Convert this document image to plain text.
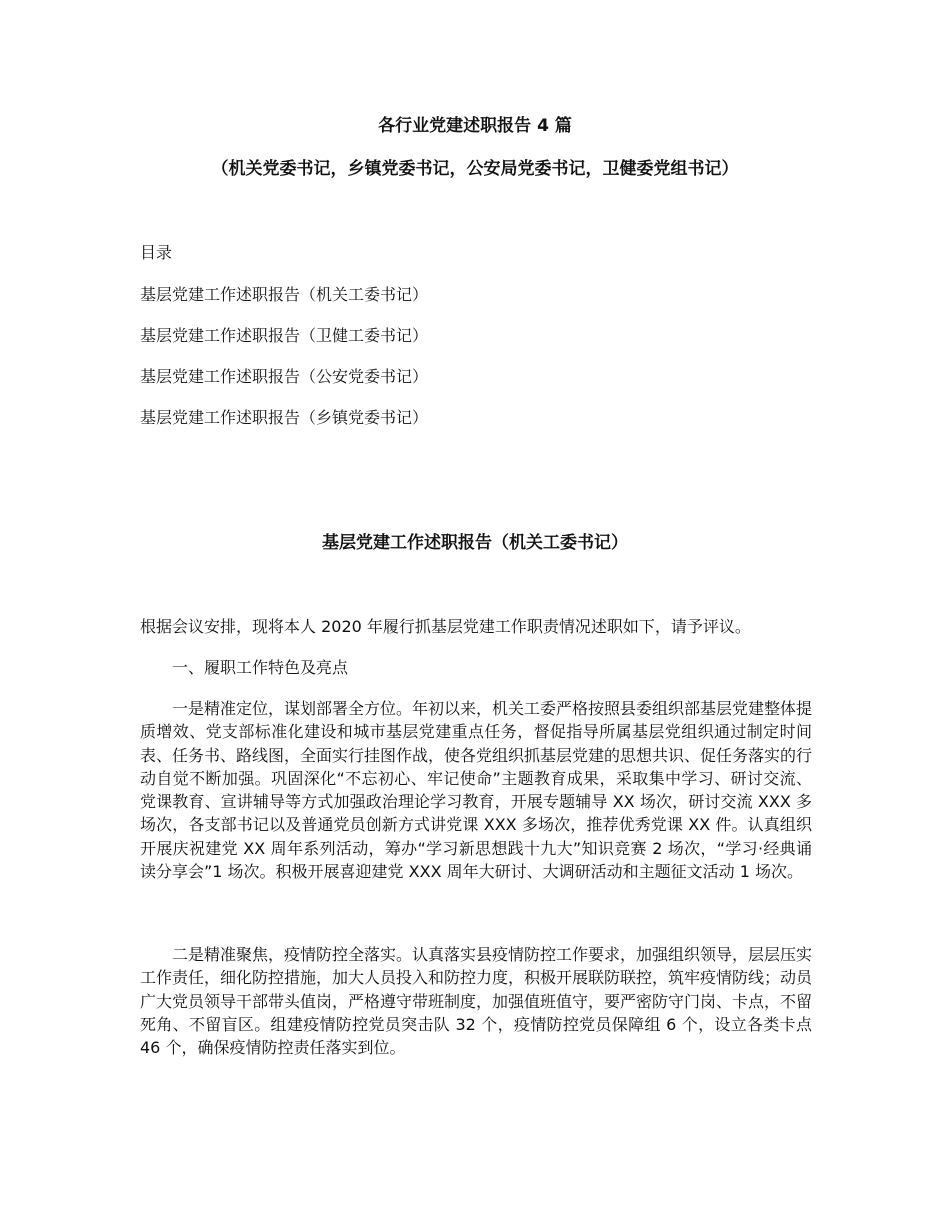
各行业党建述职报告 4 篇
（机关党委书记，乡镇党委书记，公安局党委书记，卫健委党组书记）

目录

基层党建工作述职报告（机关工委书记）

基层党建工作述职报告（卫健工委书记）

基层党建工作述职报告（公安党委书记）

基层党建工作述职报告（乡镇党委书记）

基层党建工作述职报告（机关工委书记）

根据会议安排，现将本人 2020 年履行抓基层党建工作职责情况述职如下，请予评议。

一、履职工作特色及亮点

一是精准定位，谋划部署全方位。年初以来，机关工委严格按照县委组织部基层党建整体提质增效、党支部标准化建设和城市基层党建重点任务，督促指导所属基层党组织通过制定时间表、任务书、路线图，全面实行挂图作战，使各党组织抓基层党建的思想共识、促任务落实的行动自觉不断加强。巩固深化“不忘初心、牢记使命”主题教育成果，采取集中学习、研讨交流、党课教育、宣讲辅导等方式加强政治理论学习教育，开展专题辅导 XX 场次，研讨交流 XXX 多场次，各支部书记以及普通党员创新方式讲党课 XXX 多场次，推荐优秀党课 XX 件。认真组织开展庆祝建党 XX 周年系列活动，筹办“学习新思想践十九大”知识竞赛 2 场次，“学习·经典诵读分享会”1 场次。积极开展喜迎建党 XXX 周年大研讨、大调研活动和主题征文活动 1 场次。

二是精准聚焦，疫情防控全落实。认真落实县疫情防控工作要求，加强组织领导，层层压实工作责任，细化防控措施，加大人员投入和防控力度，积极开展联防联控，筑牢疫情防线；动员广大党员领导干部带头值岗，严格遵守带班制度，加强值班值守，要严密防守门岗、卡点，不留死角、不留盲区。组建疫情防控党员突击队 32 个，疫情防控党员保障组 6 个，设立各类卡点 46 个，确保疫情防控责任落实到位。
